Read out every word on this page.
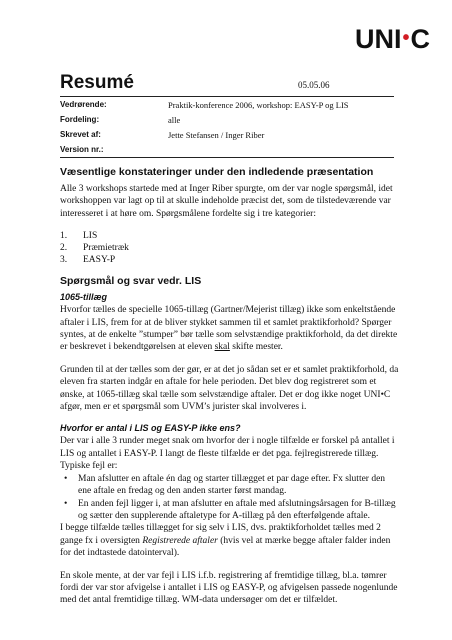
UNI•C
Resumé	05.05.06
Vedrørende:	Praktik-konference 2006, workshop: EASY-P og LIS
Fordeling:	alle
Skrevet af:	Jette Stefansen / Inger Riber
Version nr.:
Væsentlige konstateringer under den indledende præsentation

Alle 3 workshops startede med at Inger Riber spurgte, om der var nogle spørgsmål, idet workshoppen var lagt op til at skulle indeholde præcist det, som de tilstedeværende var interesseret i at høre om. Spørgsmålene fordelte sig i tre kategorier:

1.	LIS
2.	Præmietræk
3.	EASY-P
Spørgsmål og svar vedr. LIS
1065-tillæg

Hvorfor tælles de specielle 1065-tillæg (Gartner/Mejerist tillæg) ikke som enkeltstående aftaler i LIS, frem for at de bliver stykket sammen til et samlet praktikforhold? Spørger syntes, at de enkelte ”stumper” bør tælle som selvstændige praktikforhold, da det direkte er beskrevet i bekendtgørelsen at eleven skal skifte mester.

Grunden til at der tælles som der gør, er at det jo sådan set er et samlet praktikforhold, da eleven fra starten indgår en aftale for hele perioden. Det blev dog registreret som et ønske, at 1065-tillæg skal tælle som selvstændige aftaler. Det er dog ikke noget UNI•C afgør, men er et spørgsmål som UVM’s jurister skal involveres i.

Hvorfor er antal i LIS og EASY-P ikke ens?

Der var i alle 3 runder meget snak om hvorfor der i nogle tilfælde er forskel på antallet i LIS og antallet i EASY-P. I langt de fleste tilfælde er det pga. fejlregistrerede tillæg. Typiske fejl er:

•	Man afslutter en aftale én dag og starter tillægget et par dage efter. Fx slutter den ene aftale en fredag og den anden starter først mandag.
•	En anden fejl ligger i, at man afslutter en aftale med afslutningsårsagen for B-tillæg og sætter den supplerende aftaletype for A-tillæg på den efterfølgende aftale.

I begge tilfælde tælles tillægget for sig selv i LIS, dvs. praktikforholdet tælles med 2 gange fx i oversigten Registrerede aftaler (hvis vel at mærke begge aftaler falder inden for det indtastede datointerval).

En skole mente, at der var fejl i LIS i.f.b. registrering af fremtidige tillæg, bl.a. tømrer fordi der var stor afvigelse i antallet i LIS og EASY-P, og afvigelsen passede nogenlunde med det antal fremtidige tillæg. WM-data undersøger om det er tilfældet.
